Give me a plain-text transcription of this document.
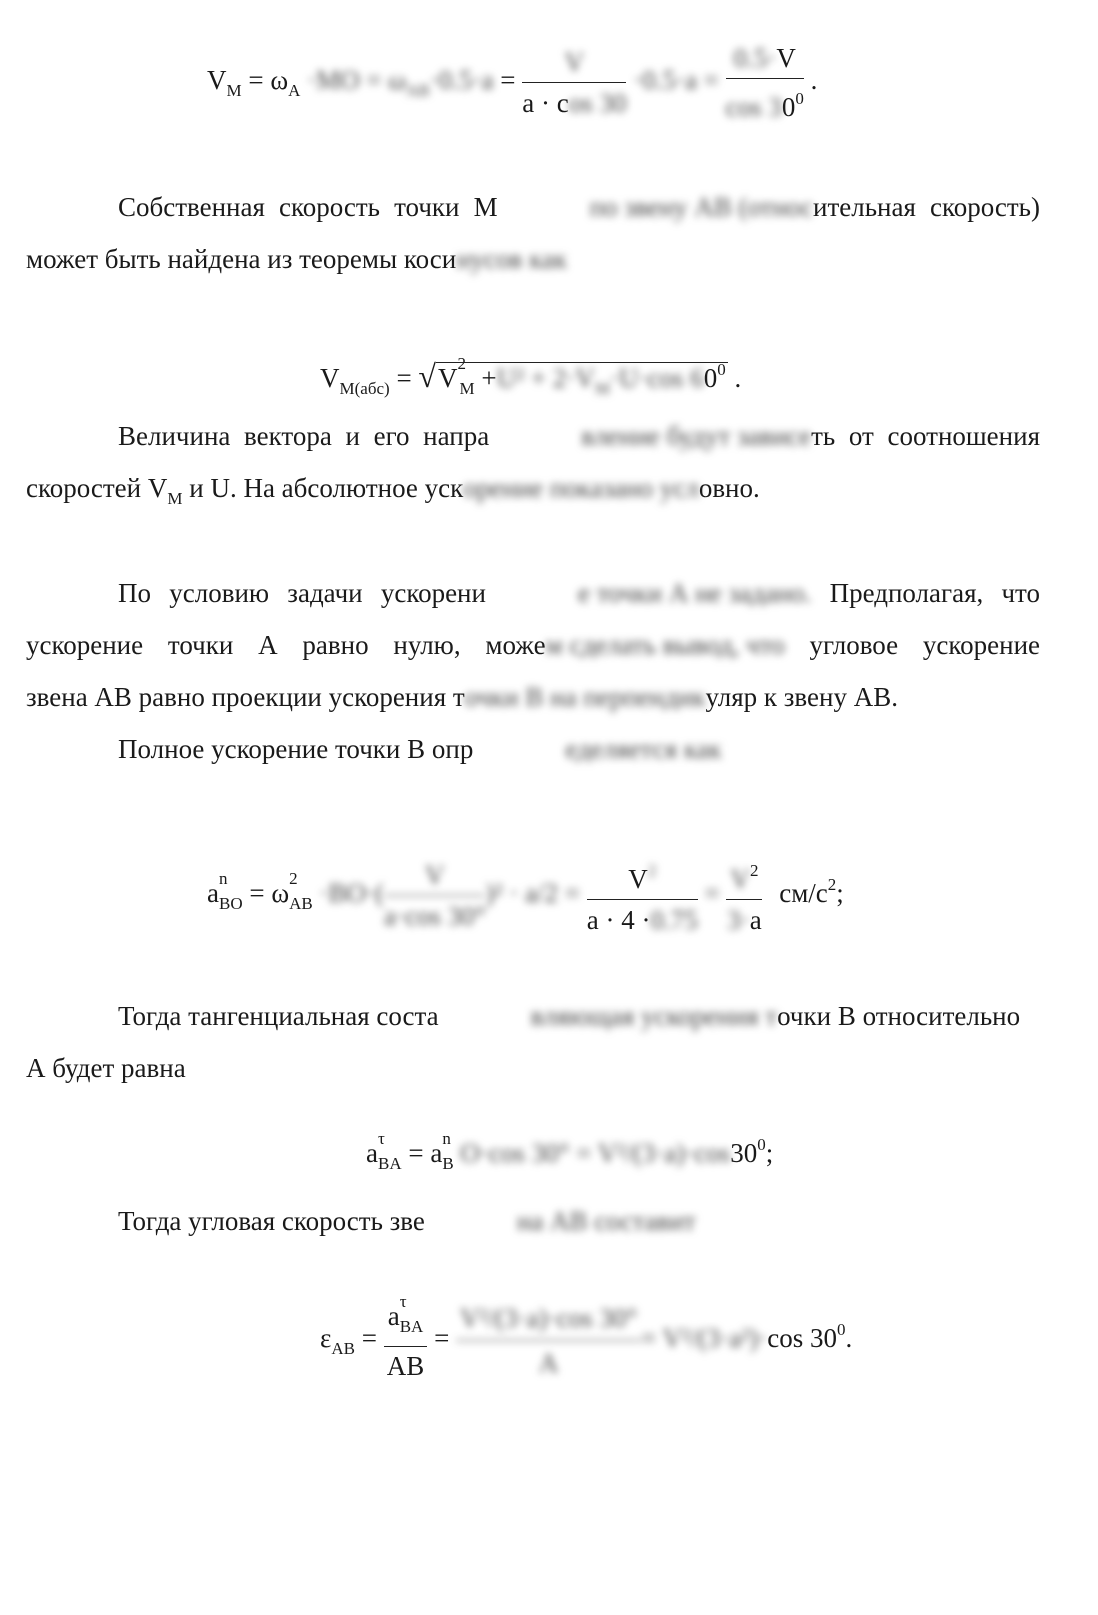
$V_M = \omega_A \cdot MO = \omega_{AB}\cdot 0.5\cdot a = \frac{V}{a \cdot \cos 30} \cdot 0.5\cdot a = \frac{0.5\cdot V}{\cos 30^0}$ .
Собственная скорость точки М	по звену АВ (относительная скорость)
может быть найдена из теоремы косинусов как
$V_{M(абс)} = √V$ 2
$_M +U^2 + 2\cdot V_M\cdot U\cdot\cos$ $60^0$ .
Величина вектора и его напра	вление будут зависеть от соотношения
скоростей $V_M$ и U. На абсолютное ускорение показано условно.
По условию задачи ускорени	е точки А не задано. Предполагая, что
ускорение точки А равно нулю, можем сделать вывод, что угловое ускорение
звена АВ равно проекции ускорения точки В на перпендикуляр к звену АВ.
Полное ускорение точки В опр	еделяется как
a n
$_{BO}$ = ω 2
$_{AB} \cdot BO\cdot( \frac{V}{a\cdot\cos 30^\circ} )^2 \cdot a/2 = \frac{V2}{a \cdot 4 \cdot 0.75} = \frac{V^2}{3\cdot a} см/с^2$;
Тогда тангенциальная соста	вляющая ускорения точки В относительно
А будет равна
a τ
$_{BA}$ = a n
$_B$ O·cos $30^\circ = V^2/(3\cdot a)\cdot\cos 30^0$;
Тогда угловая скорость зве	на АВ составит
$\varepsilon_{AB} = a$ τ
$_{BA}$
AB = $\frac{\text{V²/(3·a)·cos 30°}}{A} = V^2/(3\cdot a^2)\cdot\cos$ $30^0$.
